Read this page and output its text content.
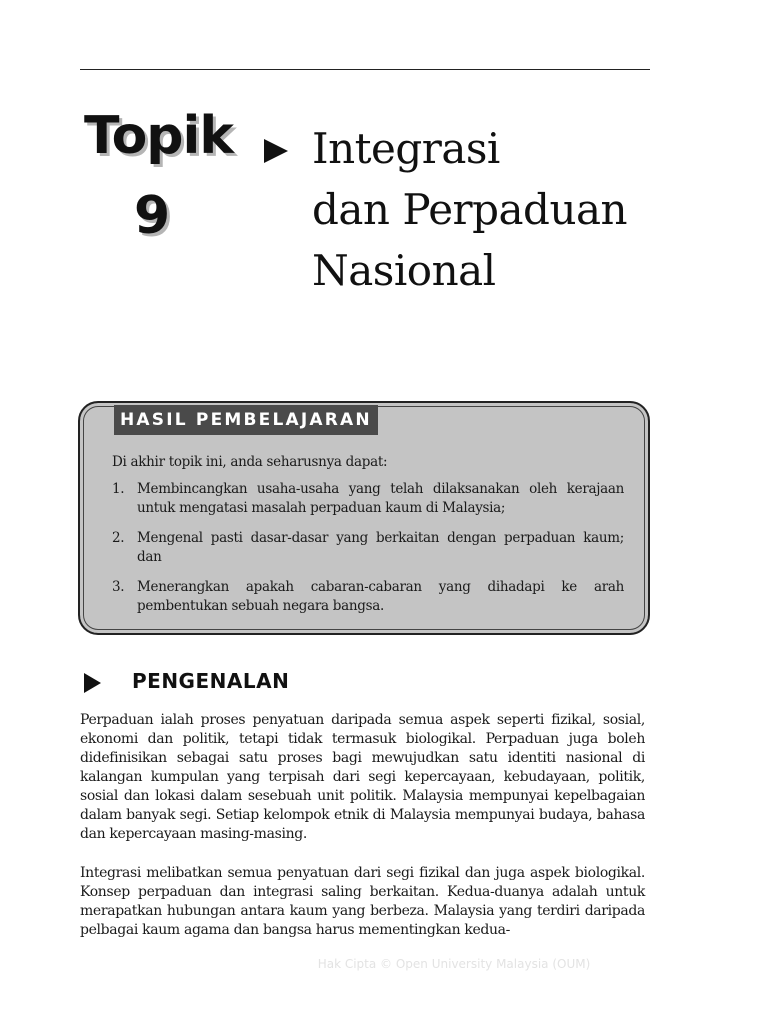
Topik
9
Integrasi
dan Perpaduan
Nasional
HASIL PEMBELAJARAN
Di akhir topik ini, anda seharusnya dapat:
1. Membincangkan usaha-usaha yang telah dilaksanakan oleh kerajaan untuk mengatasi masalah perpaduan kaum di Malaysia;
2. Mengenal pasti dasar-dasar yang berkaitan dengan perpaduan kaum; dan
3. Menerangkan apakah cabaran-cabaran yang dihadapi ke arah pembentukan sebuah negara bangsa.
PENGENALAN

Perpaduan ialah proses penyatuan daripada semua aspek seperti fizikal, sosial, ekonomi dan politik, tetapi tidak termasuk biologikal. Perpaduan juga boleh didefinisikan sebagai satu proses bagi mewujudkan satu identiti nasional di kalangan kumpulan yang terpisah dari segi kepercayaan, kebudayaan, politik, sosial dan lokasi dalam sesebuah unit politik. Malaysia mempunyai kepelbagaian dalam banyak segi. Setiap kelompok etnik di Malaysia mempunyai budaya, bahasa dan kepercayaan masing-masing.

Integrasi melibatkan semua penyatuan dari segi fizikal dan juga aspek biologikal. Konsep perpaduan dan integrasi saling berkaitan. Kedua-duanya adalah untuk merapatkan hubungan antara kaum yang berbeza. Malaysia yang terdiri daripada pelbagai kaum agama dan bangsa harus mementingkan kedua-

Hak Cipta © Open University Malaysia (OUM)
